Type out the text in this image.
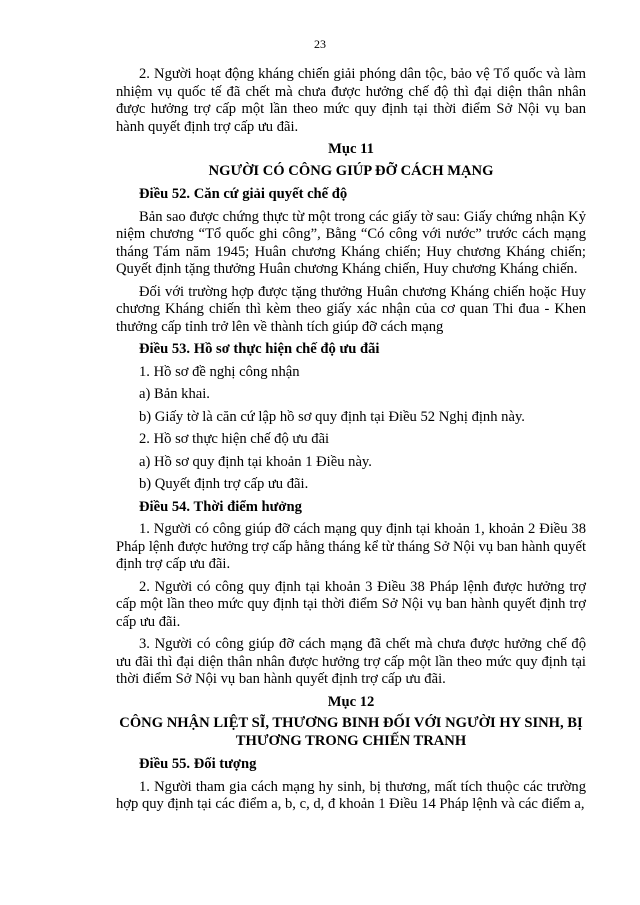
23

2. Người hoạt động kháng chiến giải phóng dân tộc, bảo vệ Tổ quốc và làm nhiệm vụ quốc tế đã chết mà chưa được hưởng chế độ thì đại diện thân nhân được hưởng trợ cấp một lần theo mức quy định tại thời điểm Sở Nội vụ ban hành quyết định trợ cấp ưu đãi.

Mục 11

NGƯỜI CÓ CÔNG GIÚP ĐỠ CÁCH MẠNG

Điều 52. Căn cứ giải quyết chế độ

Bản sao được chứng thực từ một trong các giấy tờ sau: Giấy chứng nhận Kỷ niệm chương “Tổ quốc ghi công”, Bằng “Có công với nước” trước cách mạng tháng Tám năm 1945; Huân chương Kháng chiến; Huy chương Kháng chiến; Quyết định tặng thưởng Huân chương Kháng chiến, Huy chương Kháng chiến.

Đối với trường hợp được tặng thưởng Huân chương Kháng chiến hoặc Huy chương Kháng chiến thì kèm theo giấy xác nhận của cơ quan Thi đua - Khen thưởng cấp tỉnh trở lên về thành tích giúp đỡ cách mạng

Điều 53. Hồ sơ thực hiện chế độ ưu đãi

1. Hồ sơ đề nghị công nhận

a) Bản khai.

b) Giấy tờ là căn cứ lập hồ sơ quy định tại Điều 52 Nghị định này.

2. Hồ sơ thực hiện chế độ ưu đãi

a) Hồ sơ quy định tại khoản 1 Điều này.

b) Quyết định trợ cấp ưu đãi.

Điều 54. Thời điểm hưởng

1. Người có công giúp đỡ cách mạng quy định tại khoản 1, khoản 2 Điều 38 Pháp lệnh được hưởng trợ cấp hằng tháng kể từ tháng Sở Nội vụ ban hành quyết định trợ cấp ưu đãi.

2. Người có công quy định tại khoản 3 Điều 38 Pháp lệnh được hưởng trợ cấp một lần theo mức quy định tại thời điểm Sở Nội vụ ban hành quyết định trợ cấp ưu đãi.

3. Người có công giúp đỡ cách mạng đã chết mà chưa được hưởng chế độ ưu đãi thì đại diện thân nhân được hưởng trợ cấp một lần theo mức quy định tại thời điểm Sở Nội vụ ban hành quyết định trợ cấp ưu đãi.

Mục 12

CÔNG NHẬN LIỆT SĨ, THƯƠNG BINH ĐỐI VỚI NGƯỜI HY SINH, BỊ THƯƠNG TRONG CHIẾN TRANH

Điều 55. Đối tượng

1. Người tham gia cách mạng hy sinh, bị thương, mất tích thuộc các trường hợp quy định tại các điểm a, b, c, d, đ khoản 1 Điều 14 Pháp lệnh và các điểm a,
